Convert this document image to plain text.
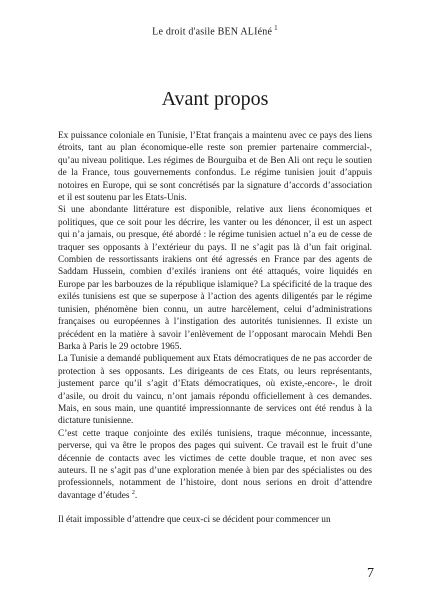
Le droit d'asile BEN ALIéné $^1$
Avant propos

Ex puissance coloniale en Tunisie, l’Etat français a maintenu avec ce pays des liens étroits, tant au plan économique-elle reste son premier partenaire commercial-, qu’au niveau politique. Les régimes de Bourguiba et de Ben Ali ont reçu le soutien de la France, tous gouvernements confondus. Le régime tunisien jouit d’appuis notoires en Europe, qui se sont concrétisés par la signature d’accords d’association et il est soutenu par les Etats-Unis.

Si une abondante littérature est disponible, relative aux liens économiques et politiques, que ce soit pour les décrire, les vanter ou les dénoncer, il est un aspect qui n’a jamais, ou presque, été abordé : le régime tunisien actuel n’a eu de cesse de traquer ses opposants à l’extérieur du pays. Il ne s’agit pas là d’un fait original. Combien de ressortissants irakiens ont été agressés en France par des agents de Saddam Hussein, combien d’exilés iraniens ont été attaqués, voire liquidés en Europe par les barbouzes de la république islamique? La spécificité de la traque des exilés tunisiens est que se superpose à l’action des agents diligentés par le régime tunisien, phénomène bien connu, un autre harcèlement, celui d’administrations françaises ou européennes à l’instigation des autorités tunisiennes. Il existe un précédent en la matière à savoir l’enlèvement de l’opposant marocain Mehdi Ben Barka à Paris le 29 octobre 1965.

La Tunisie a demandé publiquement aux Etats démocratiques de ne pas accorder de protection à ses opposants. Les dirigeants de ces Etats, ou leurs représentants, justement parce qu’il s’agit d’Etats démocratiques, où existe,-encore-, le droit d’asile, ou droit du vaincu, n’ont jamais répondu officiellement à ces demandes. Mais, en sous main, une quantité impressionnante de services ont été rendus à la dictature tunisienne.

C’est cette traque conjointe des exilés tunisiens, traque méconnue, incessante, perverse, qui va être le propos des pages qui suivent. Ce travail est le fruit d’une décennie de contacts avec les victimes de cette double traque, et non avec ses auteurs. Il ne s’agit pas d’une exploration menée à bien par des spécialistes ou des professionnels, notamment de l’histoire, dont nous serions en droit d’attendre davantage d’études $^2$.

Il était impossible d’attendre que ceux-ci se décident pour commencer un

7
